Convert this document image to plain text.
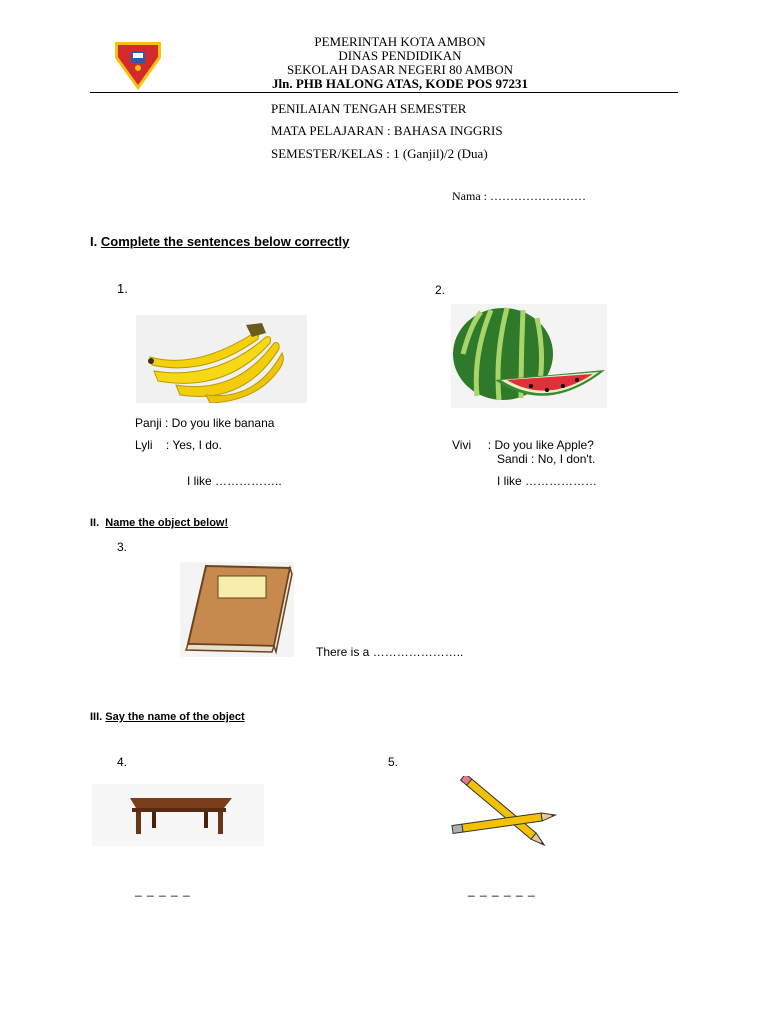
PEMERINTAH KOTA AMBON
DINAS PENDIDIKAN
SEKOLAH DASAR NEGERI 80 AMBON
Jln. PHB HALONG ATAS, KODE POS 97231
PENILAIAN TENGAH SEMESTER
MATA PELAJARAN : BAHASA INGGRIS
SEMESTER/KELAS : 1 (Ganjil)/2 (Dua)
Nama : ……………………
I. Complete the sentences below correctly
1.	2.
Panji : Do you like banana
Lyli    : Yes, I do.
I like ……………..
Vivi     : Do you like Apple?
Sandi : No, I don't.
I like ………………
II. Name the object below!
3.
There is a …………………..
III. Say the name of the object
4.	5.
_ _ _ _ _	_ _ _ _ _ _
